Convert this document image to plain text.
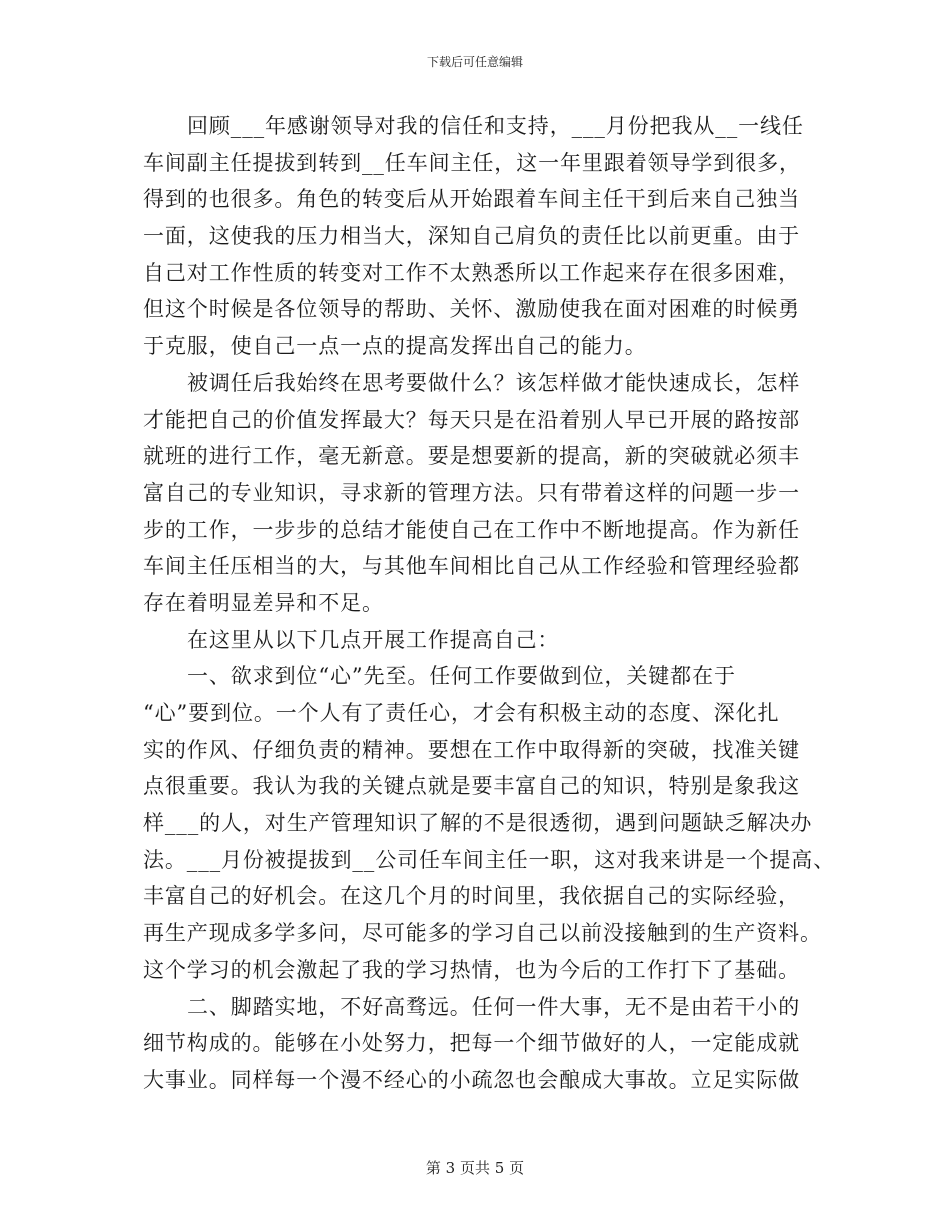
下载后可任意编辑
回顾___年感谢领导对我的信任和支持，___月份把我从__一线任
车间副主任提拔到转到__任车间主任，这一年里跟着领导学到很多，
得到的也很多。角色的转变后从开始跟着车间主任干到后来自己独当
一面，这使我的压力相当大，深知自己肩负的责任比以前更重。由于
自己对工作性质的转变对工作不太熟悉所以工作起来存在很多困难，
但这个时候是各位领导的帮助、关怀、激励使我在面对困难的时候勇
于克服，使自己一点一点的提高发挥出自己的能力。
被调任后我始终在思考要做什么？该怎样做才能快速成长，怎样
才能把自己的价值发挥最大？每天只是在沿着别人早已开展的路按部
就班的进行工作，毫无新意。要是想要新的提高，新的突破就必须丰
富自己的专业知识，寻求新的管理方法。只有带着这样的问题一步一
步的工作，一步步的总结才能使自己在工作中不断地提高。作为新任
车间主任压相当的大，与其他车间相比自己从工作经验和管理经验都
存在着明显差异和不足。
在这里从以下几点开展工作提高自己：
一、欲求到位“心”先至。任何工作要做到位，关键都在于
“心”要到位。一个人有了责任心，才会有积极主动的态度、深化扎
实的作风、仔细负责的精神。要想在工作中取得新的突破，找准关键
点很重要。我认为我的关键点就是要丰富自己的知识，特别是象我这
样___的人，对生产管理知识了解的不是很透彻，遇到问题缺乏解决办
法。___月份被提拔到__公司任车间主任一职，这对我来讲是一个提高、
丰富自己的好机会。在这几个月的时间里，我依据自己的实际经验，
再生产现成多学多问，尽可能多的学习自己以前没接触到的生产资料。
这个学习的机会激起了我的学习热情，也为今后的工作打下了基础。
二、脚踏实地，不好高骛远。任何一件大事，无不是由若干小的
细节构成的。能够在小处努力，把每一个细节做好的人，一定能成就
大事业。同样每一个漫不经心的小疏忽也会酿成大事故。立足实际做
第 3 页共 5 页
